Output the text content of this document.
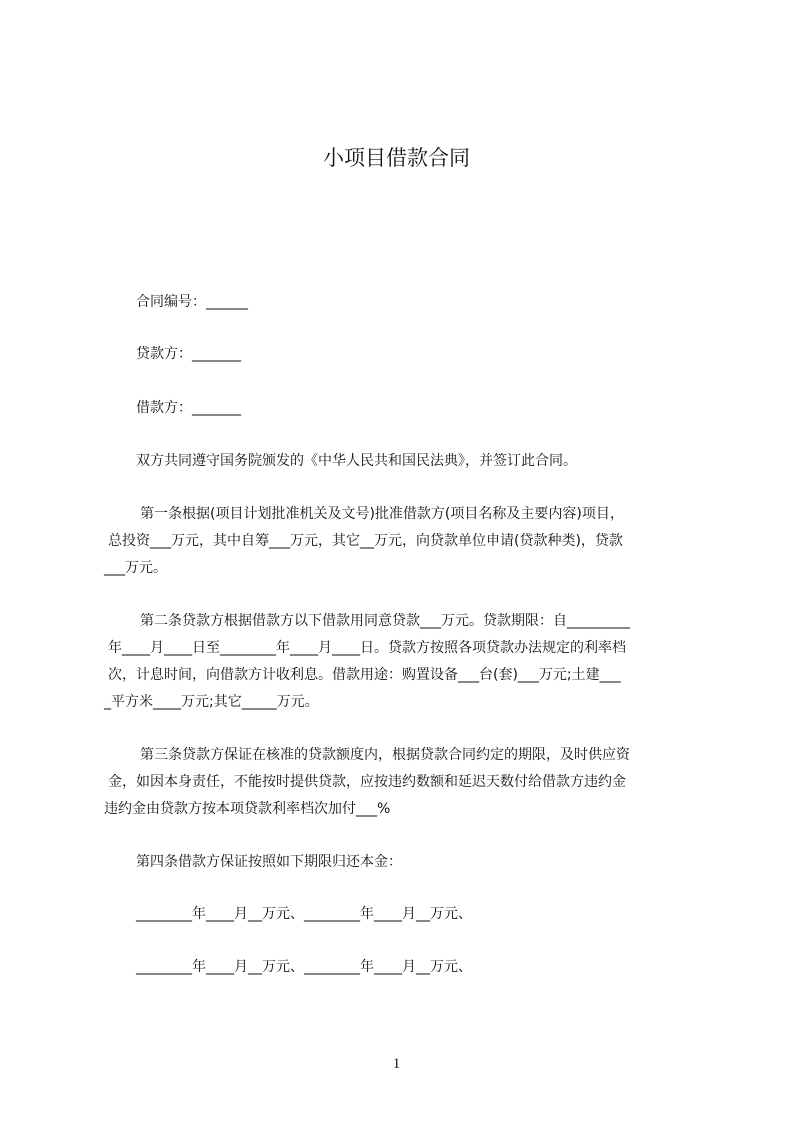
小项目借款合同
合同编号：______
贷款方：_______
借款方：_______
双方共同遵守国务院颁发的《中华人民共和国民法典》，并签订此合同。
第一条根据(项目计划批准机关及文号)批准借款方(项目名称及主要内容)项目，
总投资___万元，其中自筹___万元，其它__万元，向贷款单位申请(贷款种类)，贷款
___万元。
第二条贷款方根据借款方以下借款用同意贷款___万元。贷款期限：自_________
年____月____日至________年____月____日。贷款方按照各项贷款办法规定的利率档
次，计息时间，向借款方计收利息。借款用途：购置设备___台(套)___万元;土建___
_平方米____万元;其它_____万元。
第三条贷款方保证在核准的贷款额度内，根据贷款合同约定的期限，及时供应资
金，如因本身责任，不能按时提供贷款，应按违约数额和延迟天数付给借款方违约金
违约金由贷款方按本项贷款利率档次加付___%
第四条借款方保证按照如下期限归还本金：
________年____月__万元、________年____月__万元、
________年____月__万元、________年____月__万元、
1
